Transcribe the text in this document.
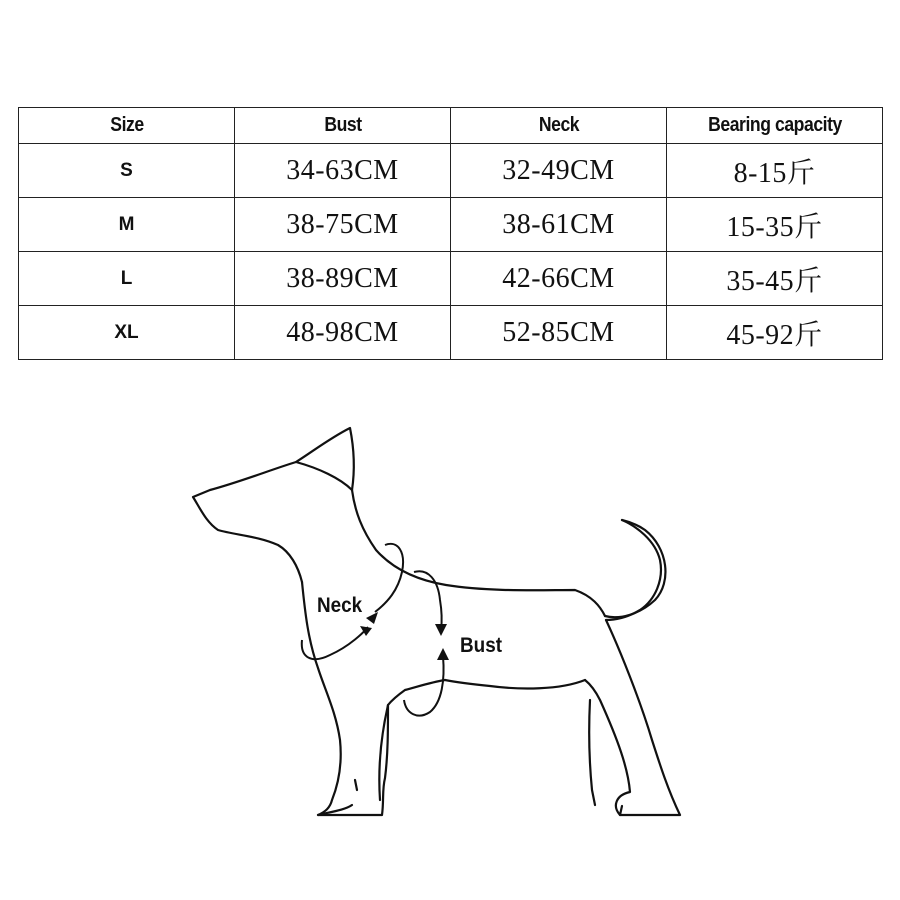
Size	Bust	Neck	Bearing capacity
S	34-63CM	32-49CM	8-15斤
M	38-75CM	38-61CM	15-35斤
L	38-89CM	42-66CM	35-45斤
XL	48-98CM	52-85CM	45-92斤
Neck
Bust
